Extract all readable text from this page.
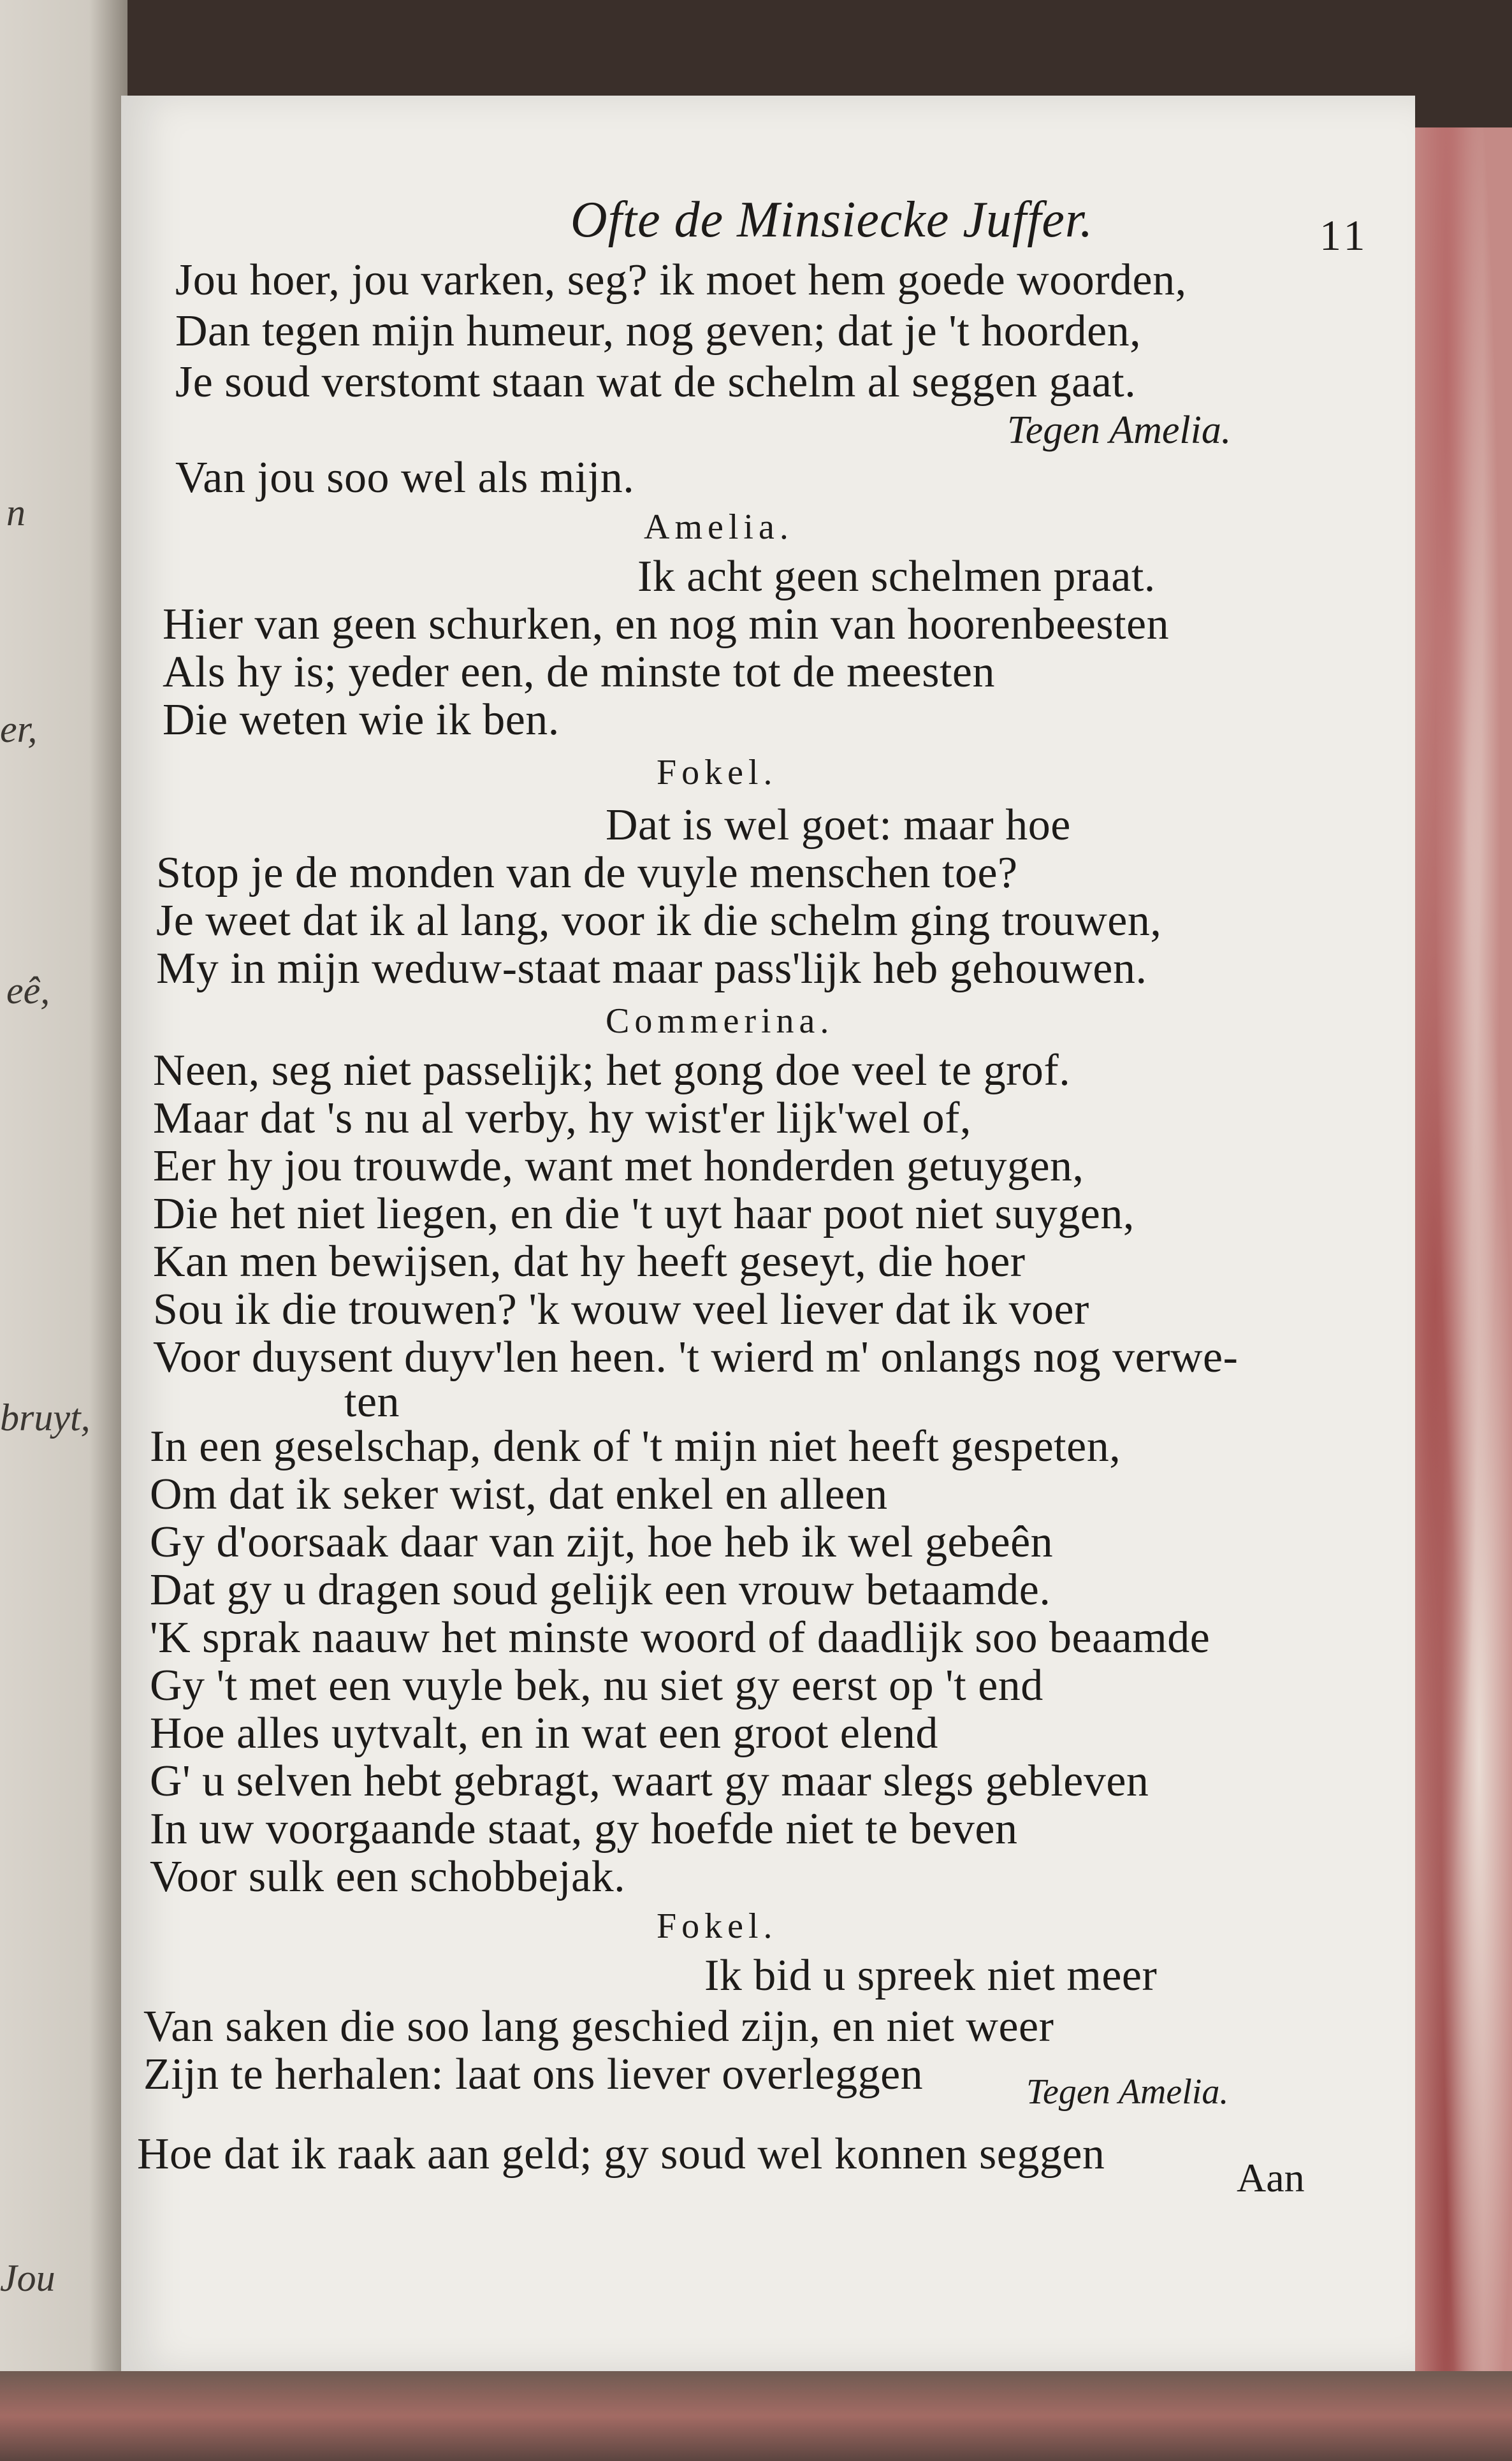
n
er,
eê,
bruyt,
Jou
Ofte de Minsiecke Juffer.	11
Jou hoer, jou varken, seg? ik moet hem goede woorden,
Dan tegen mijn humeur, nog geven; dat je 't hoorden,
Je soud verstomt staan wat de schelm al seggen gaat.
Tegen Amelia.
Van jou soo wel als mijn.
Amelia.
Ik acht geen schelmen praat.
Hier van geen schurken, en nog min van hoorenbeesten
Als hy is; yeder een, de minste tot de meesten
Die weten wie ik ben.
Fokel.
Dat is wel goet: maar hoe
Stop je de monden van de vuyle menschen toe?
Je weet dat ik al lang, voor ik die schelm ging trouwen,
My in mijn weduw-staat maar pass'lijk heb gehouwen.
Commerina.
Neen, seg niet passelijk; het gong doe veel te grof.
Maar dat 's nu al verby, hy wist'er lijk'wel of,
Eer hy jou trouwde, want met honderden getuygen,
Die het niet liegen, en die 't uyt haar poot niet suygen,
Kan men bewijsen, dat hy heeft geseyt, die hoer
Sou ik die trouwen? 'k wouw veel liever dat ik voer
Voor duysent duyv'len heen. 't wierd m' onlangs nog verwe-
ten
In een geselschap, denk of 't mijn niet heeft gespeten,
Om dat ik seker wist, dat enkel en alleen
Gy d'oorsaak daar van zijt, hoe heb ik wel gebeên
Dat gy u dragen soud gelijk een vrouw betaamde.
'K sprak naauw het minste woord of daadlijk soo beaamde
Gy 't met een vuyle bek, nu siet gy eerst op 't end
Hoe alles uytvalt, en in wat een groot elend
G' u selven hebt gebragt, waart gy maar slegs gebleven
In uw voorgaande staat, gy hoefde niet te beven
Voor sulk een schobbejak.
Fokel.
Ik bid u spreek niet meer
Van saken die soo lang geschied zijn, en niet weer
Zijn te herhalen: laat ons liever overleggen	Tegen Amelia.
Hoe dat ik raak aan geld; gy soud wel konnen seggen	Aan
